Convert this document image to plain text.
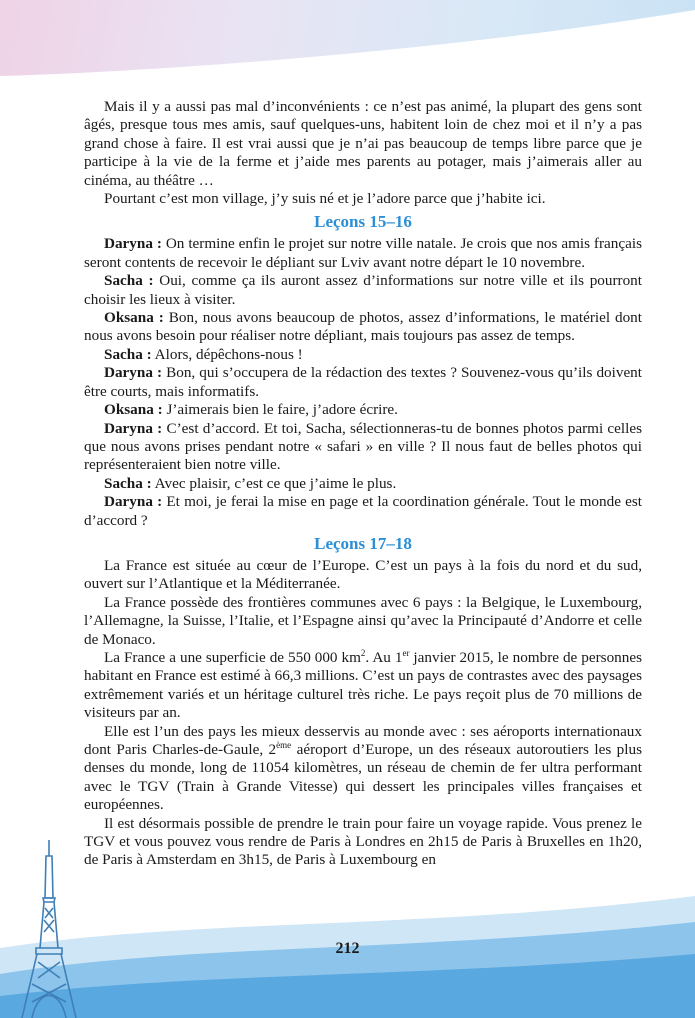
Mais il y a aussi pas mal d’inconvénients : ce n’est pas animé, la plupart des gens sont âgés, presque tous mes amis, sauf quelques-uns, habitent loin de chez moi et il n’y a pas grand chose à faire. Il est vrai aussi que je n’ai pas beaucoup de temps libre parce que je participe à la vie de la ferme et j’aide mes parents au potager, mais j’aimerais aller au cinéma, au théâtre …

Pourtant c’est mon village, j’y suis né et je l’adore parce que j’habite ici.

Leçons 15–16

Daryna : On termine enfin le projet sur notre ville natale. Je crois que nos amis français seront contents de recevoir le dépliant sur Lviv avant notre départ le 10 novembre.

Sacha : Oui, comme ça ils auront assez d’informations sur notre ville et ils pourront choisir les lieux à visiter.

Oksana : Bon, nous avons beaucoup de photos, assez d’informations, le matériel dont nous avons besoin pour réaliser notre dépliant, mais toujours pas assez de temps.

Sacha : Alors, dépêchons-nous !

Daryna : Bon, qui s’occupera de la rédaction des textes ? Souvenez-vous qu’ils doivent être courts, mais informatifs.

Oksana : J’aimerais bien le faire, j’adore écrire.

Daryna : C’est d’accord. Et toi, Sacha, sélectionneras-tu de bonnes photos parmi celles que nous avons prises pendant notre « safari » en ville ? Il nous faut de belles photos qui représenteraient bien notre ville.

Sacha : Avec plaisir, c’est ce que j’aime le plus.

Daryna : Et moi, je ferai la mise en page et la coordination générale. Tout le monde est d’accord ?

Leçons 17–18

La France est située au cœur de l’Europe. C’est un pays à la fois du nord et du sud, ouvert sur l’Atlantique et la Méditerranée.

La France possède des frontières communes avec 6 pays : la Belgique, le Luxembourg, l’Allemagne, la Suisse, l’Italie, et l’Espagne ainsi qu’avec la Principauté d’Andorre et celle de Monaco.

La France a une superficie de 550 000 $km^2$. Au 1er janvier 2015, le nombre de personnes habitant en France est estimé à 66,3 millions. C’est un pays de contrastes avec des paysages extrêmement variés et un héritage culturel très riche. Le pays reçoit plus de 70 millions de visiteurs par an.

Elle est l’un des pays les mieux desservis au monde avec : ses aéroports internationaux dont Paris Charles-de-Gaule, 2ème aéroport d’Europe, un des réseaux autoroutiers les plus denses du monde, long de 11054 kilomètres, un réseau de chemin de fer ultra performant avec le TGV (Train à Grande Vitesse) qui dessert les principales villes françaises et européennes.

Il est désormais possible de prendre le train pour faire un voyage rapide. Vous prenez le TGV et vous pouvez vous rendre de Paris à Londres en 2h15 de Paris à Bruxelles en 1h20, de Paris à Amsterdam en 3h15, de Paris à Luxembourg en

212
